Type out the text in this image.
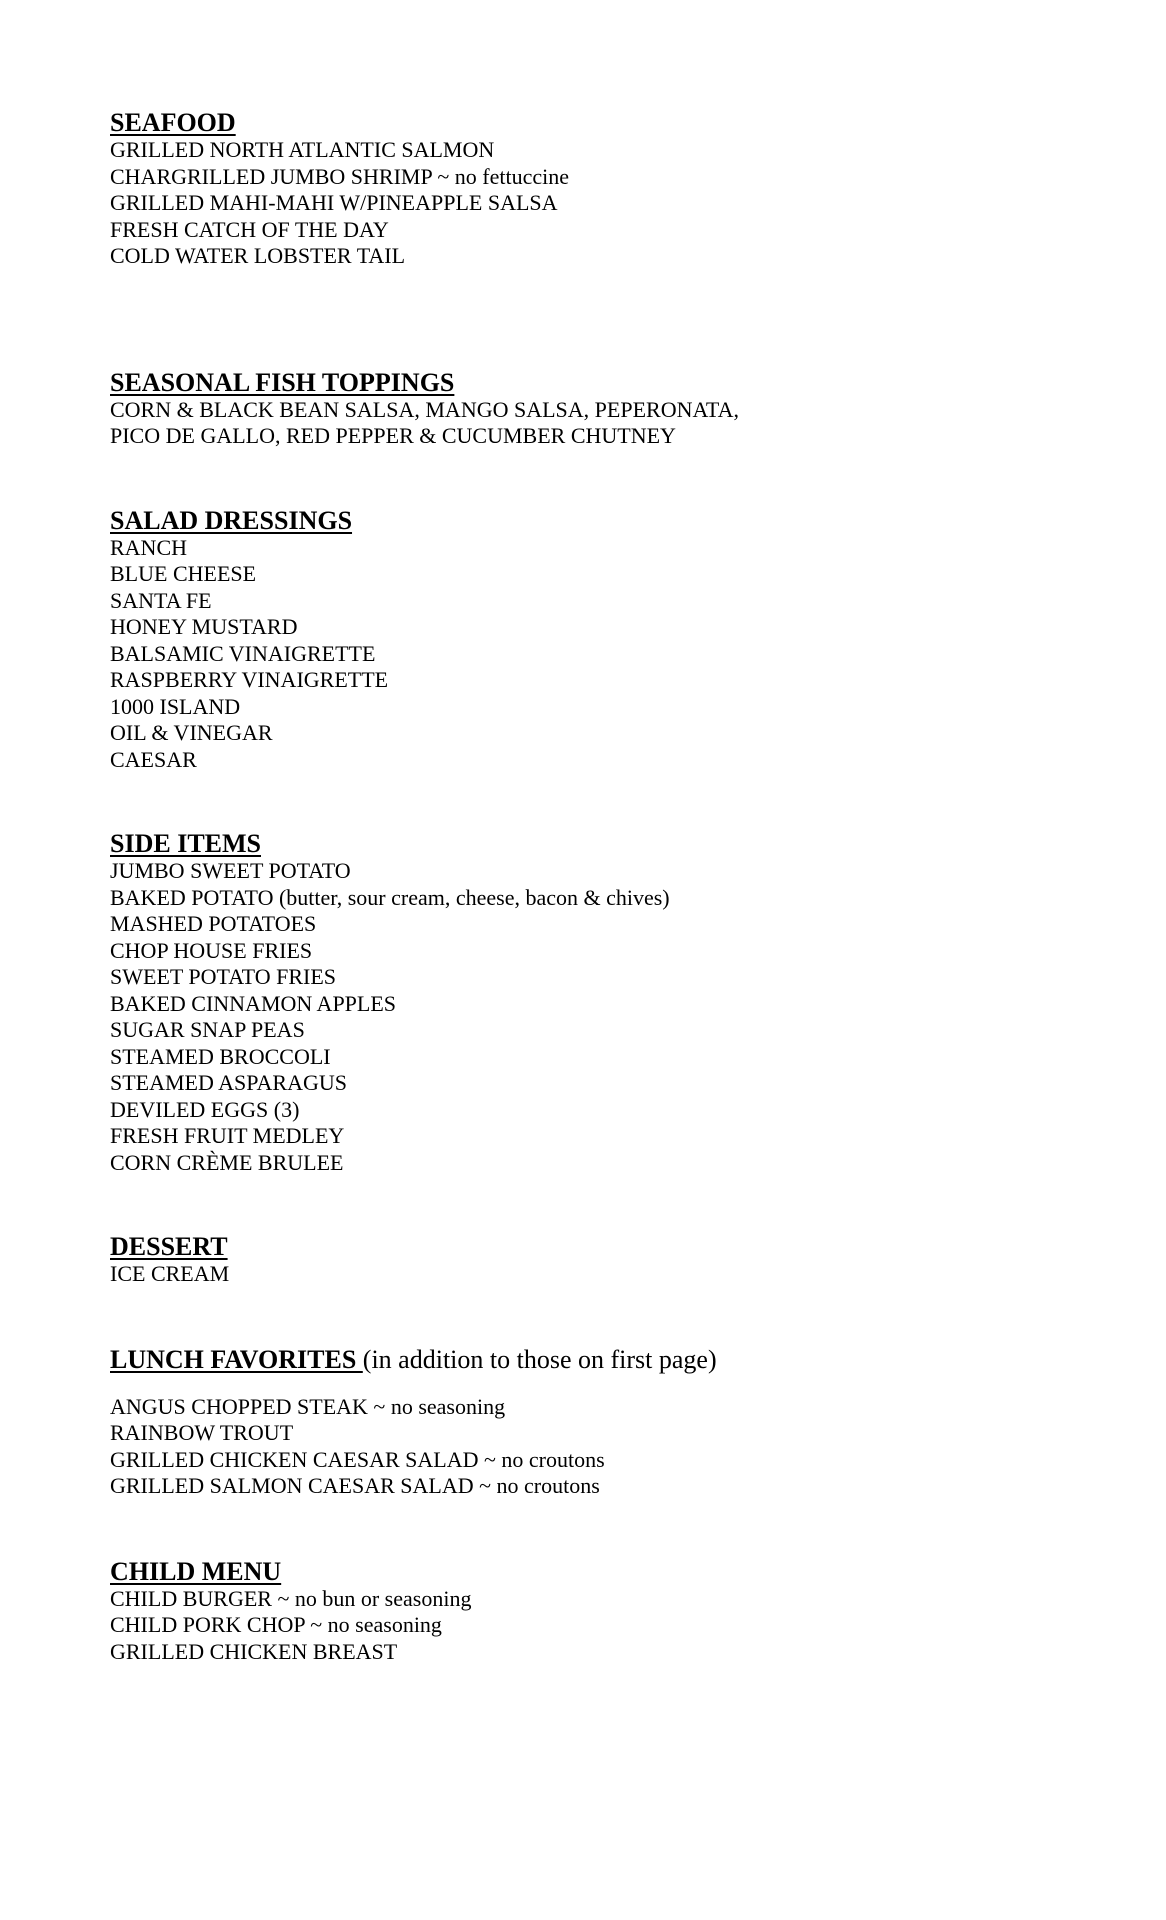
SEAFOOD

GRILLED NORTH ATLANTIC SALMON

CHARGRILLED JUMBO SHRIMP ~ no fettuccine

GRILLED MAHI-MAHI W/PINEAPPLE SALSA

FRESH CATCH OF THE DAY

COLD WATER LOBSTER TAIL

SEASONAL FISH TOPPINGS

CORN & BLACK BEAN SALSA, MANGO SALSA, PEPERONATA,

PICO DE GALLO, RED PEPPER & CUCUMBER CHUTNEY

SALAD DRESSINGS

RANCH

BLUE CHEESE

SANTA FE

HONEY MUSTARD

BALSAMIC VINAIGRETTE

RASPBERRY VINAIGRETTE

1000 ISLAND

OIL & VINEGAR

CAESAR

SIDE ITEMS

JUMBO SWEET POTATO

BAKED POTATO (butter, sour cream, cheese, bacon & chives)

MASHED POTATOES

CHOP HOUSE FRIES

SWEET POTATO FRIES

BAKED CINNAMON APPLES

SUGAR SNAP PEAS

STEAMED BROCCOLI

STEAMED ASPARAGUS

DEVILED EGGS (3)

FRESH FRUIT MEDLEY

CORN CRÈME BRULEE

DESSERT

ICE CREAM

LUNCH FAVORITES (in addition to those on first page)

ANGUS CHOPPED STEAK ~ no seasoning

RAINBOW TROUT

GRILLED CHICKEN CAESAR SALAD ~ no croutons

GRILLED SALMON CAESAR SALAD ~ no croutons

CHILD MENU

CHILD BURGER ~ no bun or seasoning

CHILD PORK CHOP ~ no seasoning

GRILLED CHICKEN BREAST
